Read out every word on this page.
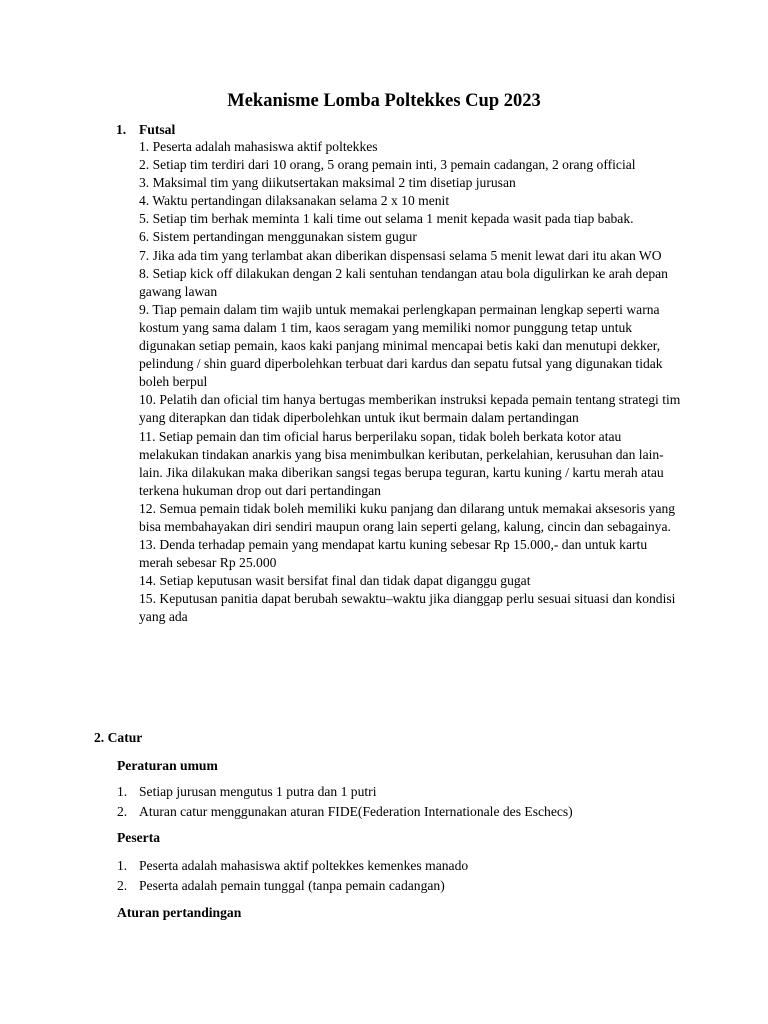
Mekanisme Lomba Poltekkes Cup 2023
1. Futsal

1. Peserta adalah mahasiswa aktif poltekkes

2. Setiap tim terdiri dari 10 orang, 5 orang pemain inti, 3 pemain cadangan, 2 orang official

3. Maksimal tim yang diikutsertakan maksimal 2 tim disetiap jurusan

4. Waktu pertandingan dilaksanakan selama 2 x 10 menit

5. Setiap tim berhak meminta 1 kali time out selama 1 menit kepada wasit pada tiap babak.

6. Sistem pertandingan menggunakan sistem gugur

7. Jika ada tim yang terlambat akan diberikan dispensasi selama 5 menit lewat dari itu akan WO

8. Setiap kick off dilakukan dengan 2 kali sentuhan tendangan atau bola digulirkan ke arah depan gawang lawan

9. Tiap pemain dalam tim wajib untuk memakai perlengkapan permainan lengkap seperti warna kostum yang sama dalam 1 tim, kaos seragam yang memiliki nomor punggung tetap untuk digunakan setiap pemain, kaos kaki panjang minimal mencapai betis kaki dan menutupi dekker, pelindung / shin guard diperbolehkan terbuat dari kardus dan sepatu futsal yang digunakan tidak boleh berpul

10. Pelatih dan oficial tim hanya bertugas memberikan instruksi kepada pemain tentang strategi tim yang diterapkan dan tidak diperbolehkan untuk ikut bermain dalam pertandingan

11. Setiap pemain dan tim oficial harus berperilaku sopan, tidak boleh berkata kotor atau melakukan tindakan anarkis yang bisa menimbulkan keributan, perkelahian, kerusuhan dan lain-lain. Jika dilakukan maka diberikan sangsi tegas berupa teguran, kartu kuning / kartu merah atau terkena hukuman drop out dari pertandingan

12. Semua pemain tidak boleh memiliki kuku panjang dan dilarang untuk memakai aksesoris yang bisa membahayakan diri sendiri maupun orang lain seperti gelang, kalung, cincin dan sebagainya.

13. Denda terhadap pemain yang mendapat kartu kuning sebesar Rp 15.000,- dan untuk kartu merah sebesar Rp 25.000

14. Setiap keputusan wasit bersifat final dan tidak dapat diganggu gugat

15. Keputusan panitia dapat berubah sewaktu–waktu jika dianggap perlu sesuai situasi dan kondisi yang ada

2. Catur
Peraturan umum
1. Setiap jurusan mengutus 1 putra dan 1 putri
2. Aturan catur menggunakan aturan FIDE(Federation Internationale des Eschecs)
Peserta
1. Peserta adalah mahasiswa aktif poltekkes kemenkes manado
2. Peserta adalah pemain tunggal (tanpa pemain cadangan)
Aturan pertandingan
